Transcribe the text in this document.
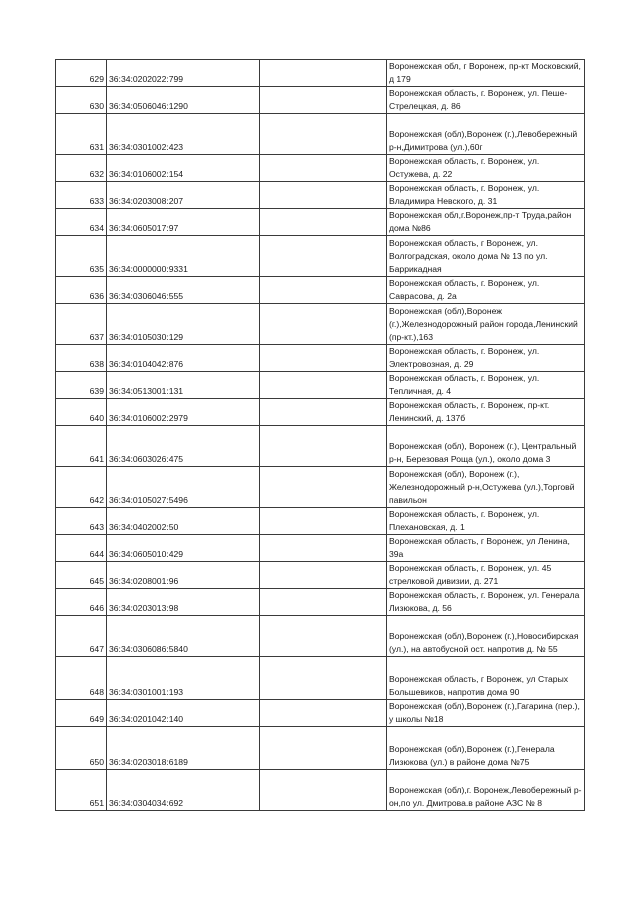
629	36:34:0202022:799		Воронежская обл, г Воронеж, пр-кт Московский, д 179
630	36:34:0506046:1290		Воронежская область, г. Воронеж, ул. Пеше-Стрелецкая, д. 86
631	36:34:0301002:423		Воронежская (обл),Воронеж (г.),Левобережный р-н,Димитрова (ул.),60г
632	36:34:0106002:154		Воронежская область, г. Воронеж, ул. Остужева, д. 22
633	36:34:0203008:207		Воронежская область, г. Воронеж, ул. Владимира Невского, д. 31
634	36:34:0605017:97		Воронежская обл,г.Воронеж,пр-т Труда,район дома №86
635	36:34:0000000:9331		Воронежская область, г Воронеж, ул. Волгоградская, около дома № 13 по ул. Баррикадная
636	36:34:0306046:555		Воронежская область, г. Воронеж, ул. Саврасова, д. 2а
637	36:34:0105030:129		Воронежская (обл),Воронеж (г.),Железнодорожный район города,Ленинский (пр-кт.),163
638	36:34:0104042:876		Воронежская область, г. Воронеж, ул. Электровозная, д. 29
639	36:34:0513001:131		Воронежская область, г. Воронеж, ул. Тепличная, д. 4
640	36:34:0106002:2979		Воронежская область, г. Воронеж, пр-кт. Ленинский, д. 137б
641	36:34:0603026:475		Воронежская (обл), Воронеж (г.), Центральный р-н, Березовая Роща (ул.), около дома 3
642	36:34:0105027:5496		Воронежская (обл), Воронеж (г.), Железнодорожный р-н,Остужева (ул.),Торговй павильон
643	36:34:0402002:50		Воронежская область, г. Воронеж, ул. Плехановская, д. 1
644	36:34:0605010:429		Воронежская область, г Воронеж, ул Ленина, 39а
645	36:34:0208001:96		Воронежская область, г. Воронеж, ул. 45 стрелковой дивизии, д. 271
646	36:34:0203013:98		Воронежская область, г. Воронеж, ул. Генерала Лизюкова, д. 56
647	36:34:0306086:5840		Воронежская (обл),Воронеж (г.),Новосибирская (ул.), на автобусной ост. напротив д. № 55
648	36:34:0301001:193		Воронежская область, г Воронеж, ул Старых Большевиков, напротив дома 90
649	36:34:0201042:140		Воронежская (обл),Воронеж (г.),Гагарина (пер.), у школы №18
650	36:34:0203018:6189		Воронежская (обл),Воронеж (г.),Генерала Лизюкова (ул.) в районе дома №75
651	36:34:0304034:692		Воронежская (обл),г. Воронеж,Левобережный р-он,по ул. Дмитрова.в районе АЗС № 8
